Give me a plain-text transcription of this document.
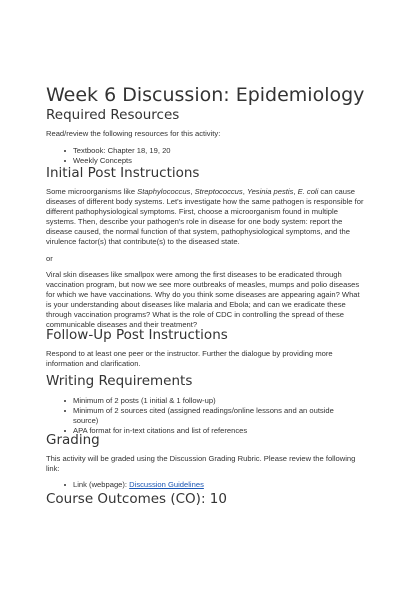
Week 6 Discussion: Epidemiology
Required Resources

Read/review the following resources for this activity:

Textbook: Chapter 18, 19, 20
Weekly Concepts
Initial Post Instructions

Some microorganisms like Staphylococcus, Streptococcus, Yesinia pestis, E. coli can cause diseases of different body systems. Let's investigate how the same pathogen is responsible for different pathophysiological symptoms. First, choose a microorganism found in multiple systems. Then, describe your pathogen's role in disease for one body system: report the disease caused, the normal function of that system, pathophysiological symptoms, and the virulence factor(s) that contribute(s) to the diseased state.

or

Viral skin diseases like smallpox were among the first diseases to be eradicated through vaccination program, but now we see more outbreaks of measles, mumps and polio diseases for which we have vaccinations. Why do you think some diseases are appearing again? What is your understanding about diseases like malaria and Ebola; and can we eradicate these through vaccination programs? What is the role of CDC in controlling the spread of these communicable diseases and their treatment?

Follow-Up Post Instructions

Respond to at least one peer or the instructor. Further the dialogue by providing more information and clarification.

Writing Requirements
Minimum of 2 posts (1 initial & 1 follow-up)
Minimum of 2 sources cited (assigned readings/online lessons and an outside source)
APA format for in-text citations and list of references
Grading

This activity will be graded using the Discussion Grading Rubric. Please review the following link:

Link (webpage): Discussion Guidelines
Course Outcomes (CO): 10
